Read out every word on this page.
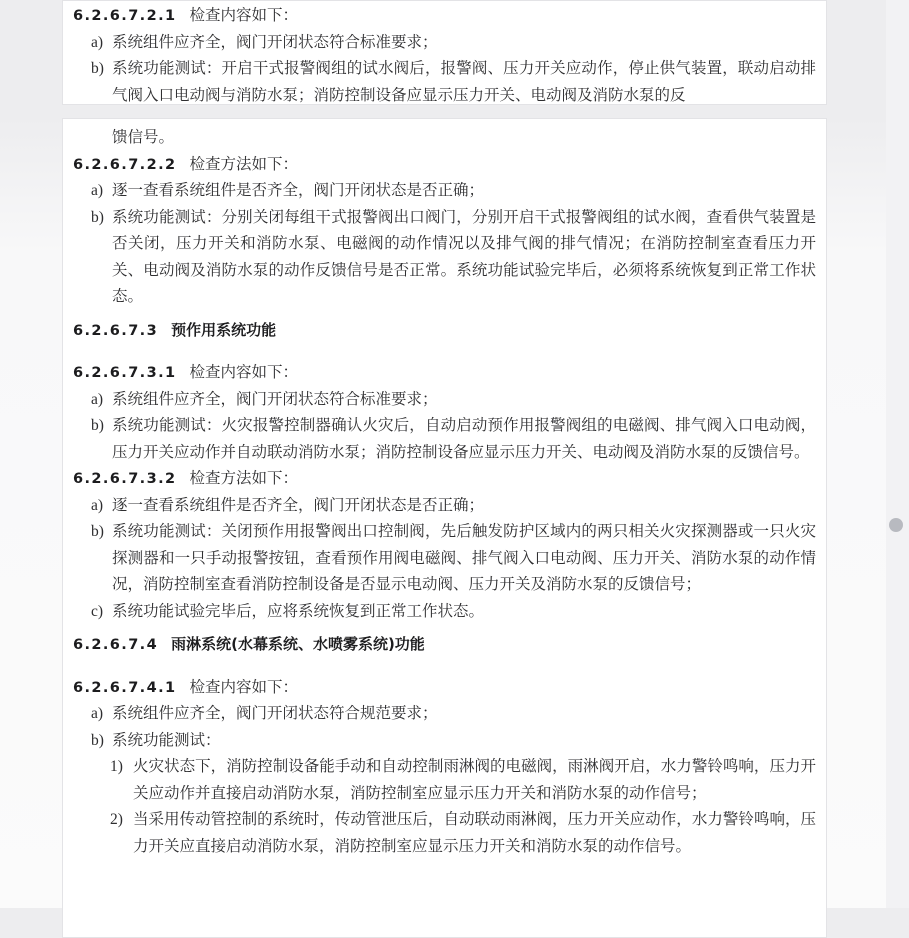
6.2.6.7.2.1 检查内容如下：
a) 系统组件应齐全，阀门开闭状态符合标准要求；
b) 系统功能测试：开启干式报警阀组的试水阀后，报警阀、压力开关应动作，停止供气装置，联动启动排气阀入口电动阀与消防水泵；消防控制设备应显示压力开关、电动阀及消防水泵的反
馈信号。
6.2.6.7.2.2 检查方法如下：
a) 逐一查看系统组件是否齐全，阀门开闭状态是否正确；
b) 系统功能测试：分别关闭每组干式报警阀出口阀门，分别开启干式报警阀组的试水阀，查看供气装置是否关闭，压力开关和消防水泵、电磁阀的动作情况以及排气阀的排气情况；在消防控制室查看压力开关、电动阀及消防水泵的动作反馈信号是否正常。系统功能试验完毕后，必须将系统恢复到正常工作状态。
6.2.6.7.3 预作用系统功能
6.2.6.7.3.1 检查内容如下：
a) 系统组件应齐全，阀门开闭状态符合标准要求；
b) 系统功能测试：火灾报警控制器确认火灾后，自动启动预作用报警阀组的电磁阀、排气阀入口电动阀，压力开关应动作并自动联动消防水泵；消防控制设备应显示压力开关、电动阀及消防水泵的反馈信号。
6.2.6.7.3.2 检查方法如下：
a) 逐一查看系统组件是否齐全，阀门开闭状态是否正确；
b) 系统功能测试：关闭预作用报警阀出口控制阀，先后触发防护区域内的两只相关火灾探测器或一只火灾探测器和一只手动报警按钮，查看预作用阀电磁阀、排气阀入口电动阀、压力开关、消防水泵的动作情况，消防控制室查看消防控制设备是否显示电动阀、压力开关及消防水泵的反馈信号；
c) 系统功能试验完毕后，应将系统恢复到正常工作状态。
6.2.6.7.4 雨淋系统(水幕系统、水喷雾系统)功能
6.2.6.7.4.1 检查内容如下：
a) 系统组件应齐全，阀门开闭状态符合规范要求；
b) 系统功能测试：
1) 火灾状态下，消防控制设备能手动和自动控制雨淋阀的电磁阀，雨淋阀开启，水力警铃鸣响，压力开关应动作并直接启动消防水泵，消防控制室应显示压力开关和消防水泵的动作信号；
2) 当采用传动管控制的系统时，传动管泄压后，自动联动雨淋阀，压力开关应动作，水力警铃鸣响，压力开关应直接启动消防水泵，消防控制室应显示压力开关和消防水泵的动作信号。
